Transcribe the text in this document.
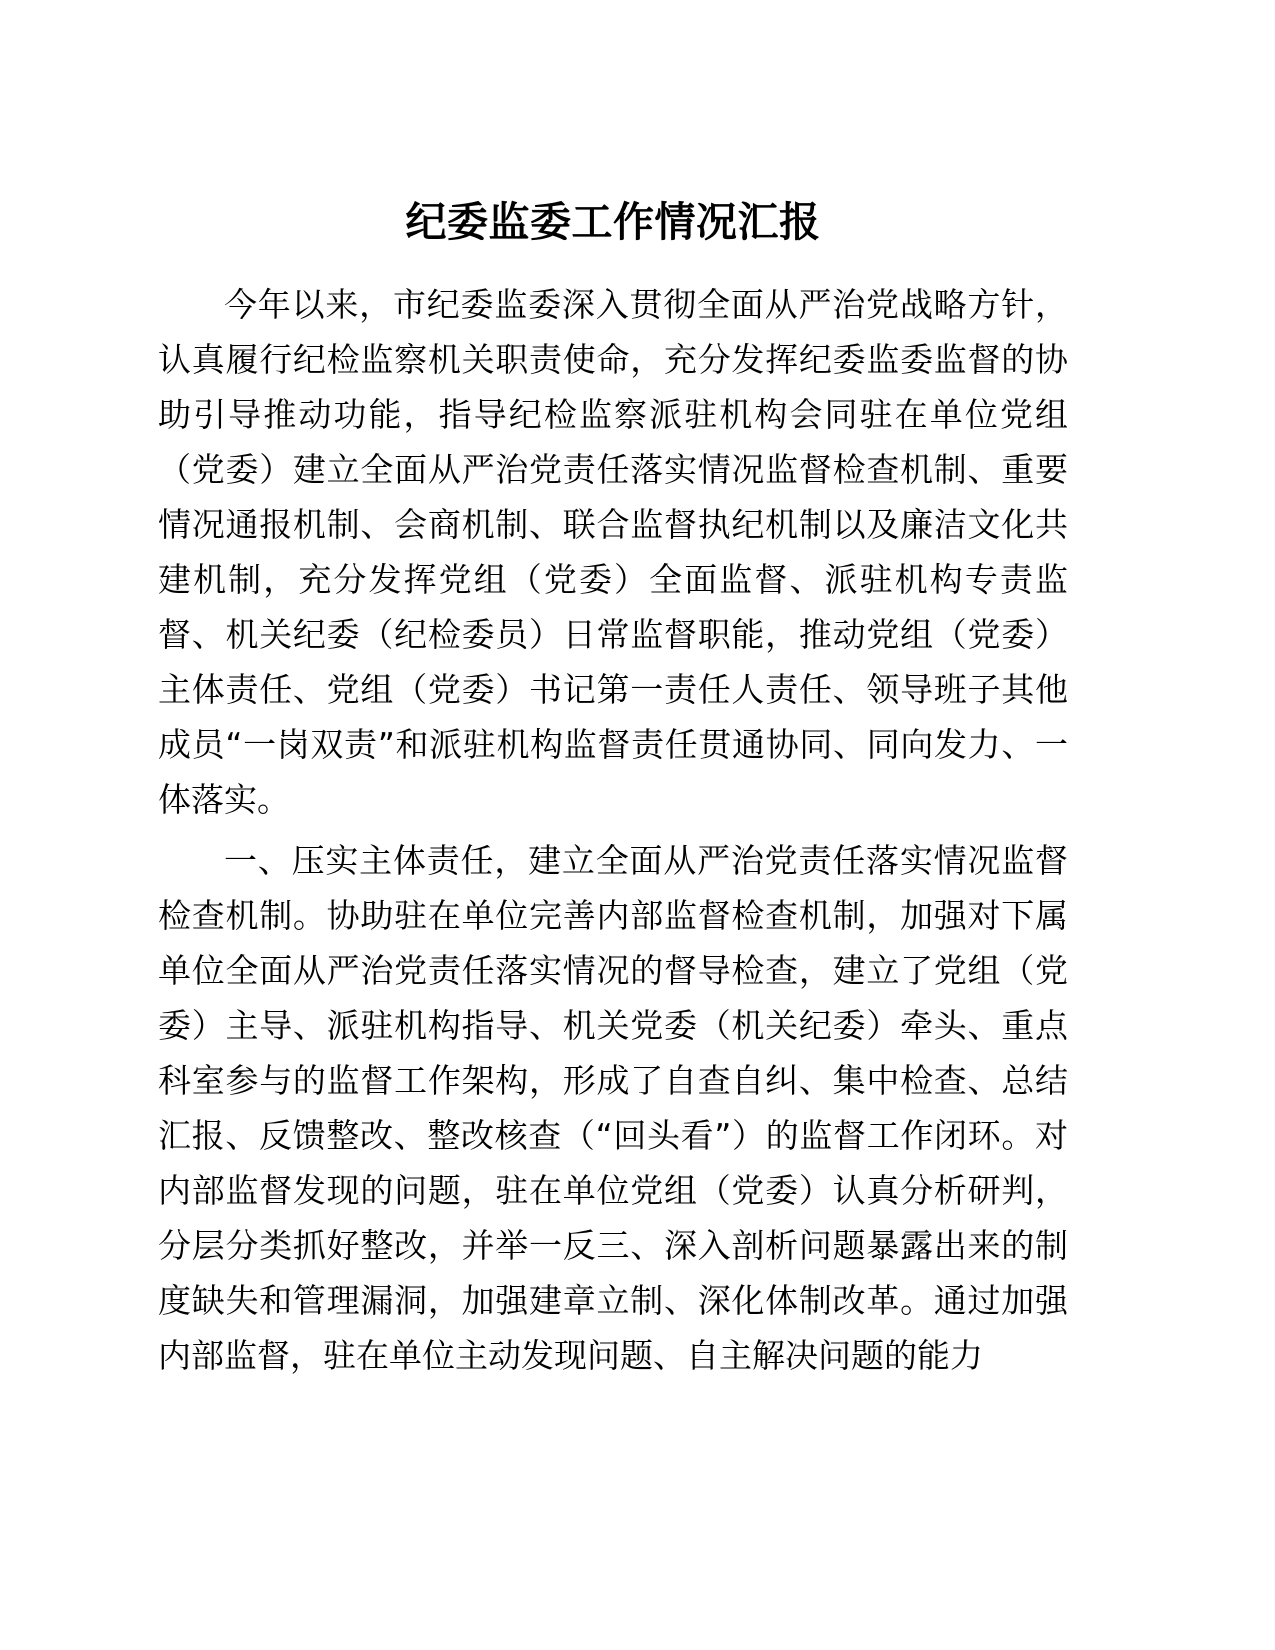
纪委监委工作情况汇报

今年以来，市纪委监委深入贯彻全面从严治党战略方针，认真履行纪检监察机关职责使命，充分发挥纪委监委监督的协助引导推动功能，指导纪检监察派驻机构会同驻在单位党组（党委）建立全面从严治党责任落实情况监督检查机制、重要情况通报机制、会商机制、联合监督执纪机制以及廉洁文化共建机制，充分发挥党组（党委）全面监督、派驻机构专责监督、机关纪委（纪检委员）日常监督职能，推动党组（党委）主体责任、党组（党委）书记第一责任人责任、领导班子其他成员“一岗双责”和派驻机构监督责任贯通协同、同向发力、一体落实。

一、压实主体责任，建立全面从严治党责任落实情况监督检查机制。协助驻在单位完善内部监督检查机制，加强对下属单位全面从严治党责任落实情况的督导检查，建立了党组（党委）主导、派驻机构指导、机关党委（机关纪委）牵头、重点科室参与的监督工作架构，形成了自查自纠、集中检查、总结汇报、反馈整改、整改核查（“回头看”）的监督工作闭环。对内部监督发现的问题，驻在单位党组（党委）认真分析研判，分层分类抓好整改，并举一反三、深入剖析问题暴露出来的制度缺失和管理漏洞，加强建章立制、深化体制改革。通过加强内部监督，驻在单位主动发现问题、自主解决问题的能力
